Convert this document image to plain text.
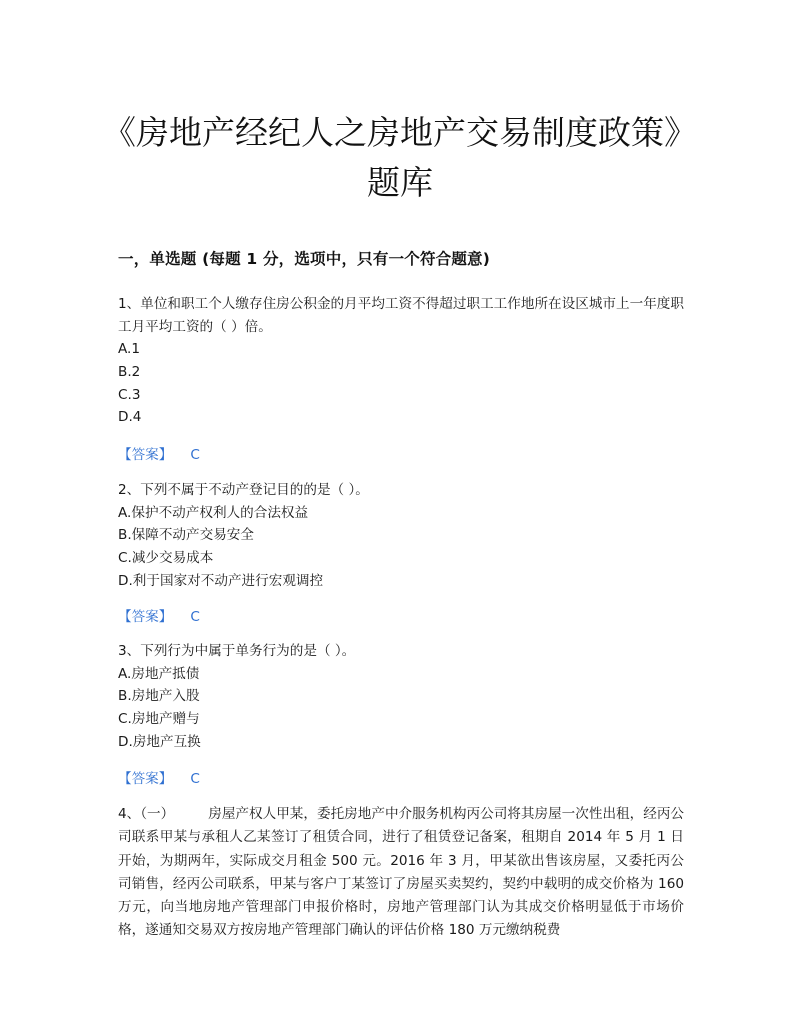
《房地产经纪人之房地产交易制度政策》题库
一，单选题 (每题 1 分，选项中，只有一个符合题意)

1、单位和职工个人缴存住房公积金的月平均工资不得超过职工工作地所在设区城市上一年度职工月平均工资的（ ）倍。

A.1

B.2

C.3

D.4

【答案】 C

2、下列不属于不动产登记目的的是（ ）。

A.保护不动产权利人的合法权益

B.保障不动产交易安全

C.减少交易成本

D.利于国家对不动产进行宏观调控

【答案】 C

3、下列行为中属于单务行为的是（ ）。

A.房地产抵债

B.房地产入股

C.房地产赠与

D.房地产互换

【答案】 C
4、（一）	房屋产权人甲某，委托房地产中介服务机构丙公司将其房屋一次性出租，经丙公司联系甲某与承租人乙某签订了租赁合同，进行了租赁登记备案，租期自 2014 年 5 月 1 日开始，为期两年，实际成交月租金 500 元。2016 年 3 月，甲某欲出售该房屋，又委托丙公司销售，经丙公司联系，甲某与客户丁某签订了房屋买卖契约，契约中载明的成交价格为 160 万元，向当地房地产管理部门申报价格时，房地产管理部门认为其成交价格明显低于市场价格，遂通知交易双方按房地产管理部门确认的评估价格 180 万元缴纳税费
